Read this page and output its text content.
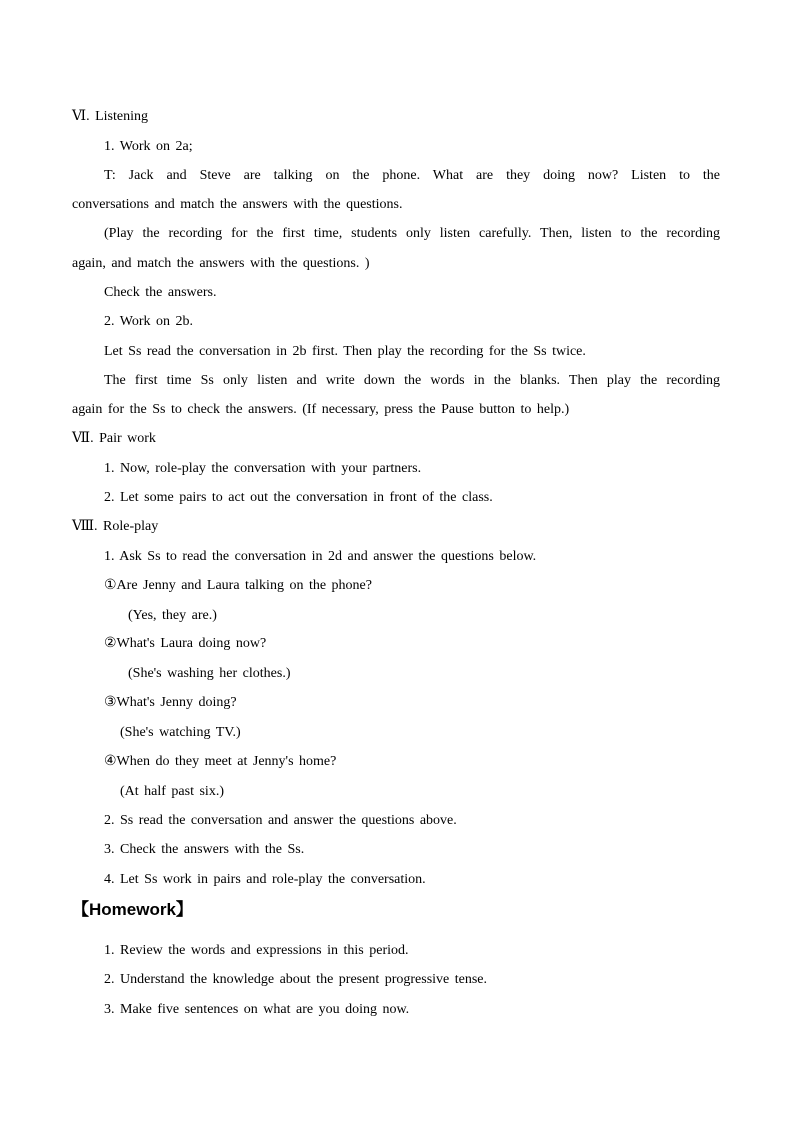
Ⅵ. Listening
1. Work on 2a;
T: Jack and Steve are talking on the phone. What are they doing now? Listen to the
conversations and match the answers with the questions.
(Play the recording for the first time, students only listen carefully. Then, listen to the recording
again, and match the answers with the questions. )
Check the answers.
2. Work on 2b.
Let Ss read the conversation in 2b first. Then play the recording for the Ss twice.
The first time Ss only listen and write down the words in the blanks. Then play the recording
again for the Ss to check the answers. (If necessary, press the Pause button to help.)
Ⅶ. Pair work
1. Now, role-play the conversation with your partners.
2. Let some pairs to act out the conversation in front of the class.
Ⅷ. Role-play
1. Ask Ss to read the conversation in 2d and answer the questions below.
①Are Jenny and Laura talking on the phone?
(Yes, they are.)
②What's Laura doing now?
(She's washing her clothes.)
③What's Jenny doing?
(She's watching TV.)
④When do they meet at Jenny's home?
(At half past six.)
2. Ss read the conversation and answer the questions above.
3. Check the answers with the Ss.
4. Let Ss work in pairs and role-play the conversation.
【Homework】
1. Review the words and expressions in this period.
2. Understand the knowledge about the present progressive tense.
3. Make five sentences on what are you doing now.
